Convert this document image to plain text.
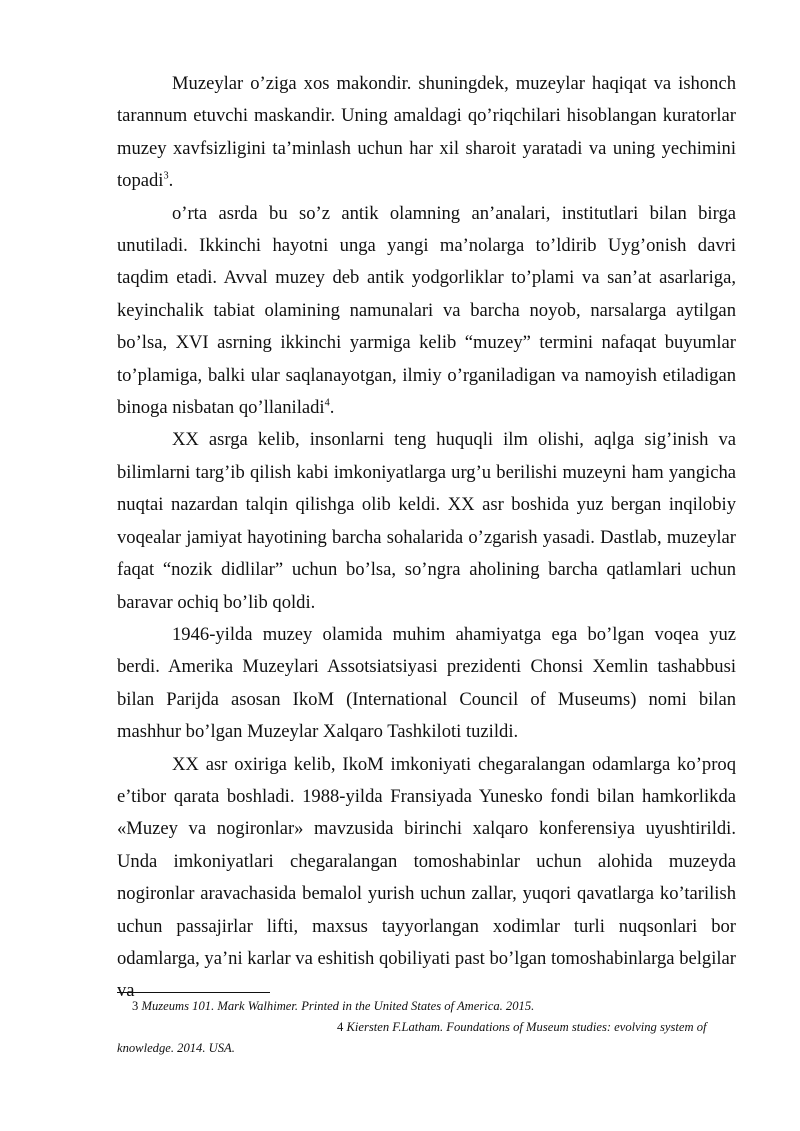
Muzeylar o’ziga xos makondir. shuningdek, muzeylar haqiqat va ishonch tarannum etuvchi maskandir. Uning amaldagi qo’riqchilari hisoblangan kuratorlar muzey xavfsizligini ta’minlash uchun har xil sharoit yaratadi va uning yechimini topadi$^3$.

o’rta asrda bu so’z antik olamning an’analari, institutlari bilan birga unutiladi. Ikkinchi hayotni unga yangi ma’nolarga to’ldirib Uyg’onish davri taqdim etadi. Avval muzey deb antik yodgorliklar to’plami va san’at asarlariga, keyinchalik tabiat olamining namunalari va barcha noyob, narsalarga aytilgan bo’lsa, XVI asrning ikkinchi yarmiga kelib “muzey” termini nafaqat buyumlar to’plamiga, balki ular saqlanayotgan, ilmiy o’rganiladigan va namoyish etiladigan binoga nisbatan qo’llaniladi$^4$.

XX asrga kelib, insonlarni teng huquqli ilm olishi, aqlga sig’inish va bilimlarni targ’ib qilish kabi imkoniyatlarga urg’u berilishi muzeyni ham yangicha nuqtai nazardan talqin qilishga olib keldi. XX asr boshida yuz bergan inqilobiy voqealar jamiyat hayotining barcha sohalarida o’zgarish yasadi. Dastlab, muzeylar faqat “nozik didlilar” uchun bo’lsa, so’ngra aholining barcha qatlamlari uchun baravar ochiq bo’lib qoldi.

1946-yilda muzey olamida muhim ahamiyatga ega bo’lgan voqea yuz berdi. Amerika Muzeylari Assotsiatsiyasi prezidenti Chonsi Xemlin tashabbusi bilan Parijda asosan IkoM (International Council of Museums) nomi bilan mashhur bo’lgan Muzeylar Xalqaro Tashkiloti tuzildi.

XX asr oxiriga kelib, IkoM imkoniyati chegaralangan odamlarga ko’proq e’tibor qarata boshladi. 1988-yilda Fransiyada Yunesko fondi bilan hamkorlikda «Muzey va nogironlar» mavzusida birinchi xalqaro konferensiya uyushtirildi. Unda imkoniyatlari chegaralangan tomoshabinlar uchun alohida muzeyda nogironlar aravachasida bemalol yurish uchun zallar, yuqori qavatlarga ko’tarilish uchun passajirlar lifti, maxsus tayyorlangan xodimlar turli nuqsonlari bor odamlarga, ya’ni karlar va eshitish qobiliyati past bo’lgan tomoshabinlarga belgilar va

3 Muzeums 101. Mark Walhimer. Printed in the United States of America. 2015.
4 Kiersten F.Latham. Foundations of Museum studies: evolving system of knowledge. 2014. USA.
